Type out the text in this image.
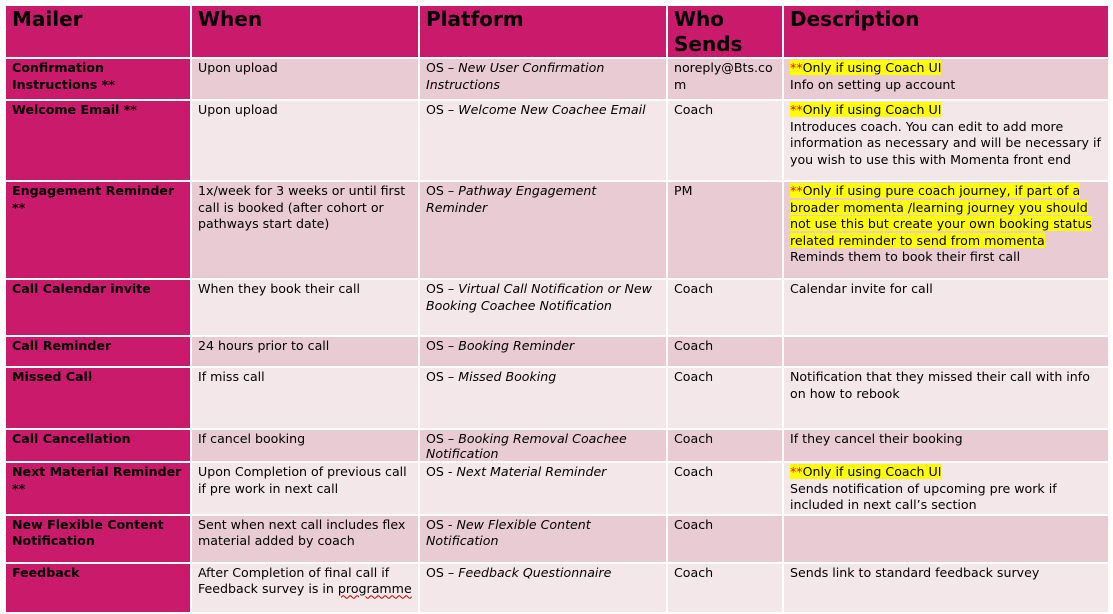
Mailer	When	Platform	Who Sends	Description
Confirmation Instructions **	Upon upload	OS – New User Confirmation Instructions	noreply@Bts.com	**Only if using Coach UI
Info on setting up account

Welcome Email **	Upon upload	OS – Welcome New Coachee Email	Coach	**Only if using Coach UI
Introduces coach. You can edit to add more information as necessary and will be necessary if you wish to use this with Momenta front end

Engagement Reminder **	1x/week for 3 weeks or until first call is booked (after cohort or pathways start date)	OS – Pathway Engagement Reminder	PM	**Only if using pure coach journey, if part of a broader momenta /learning journey you should not use this but create your own booking status related reminder to send from momenta
Reminds them to book their first call

Call Calendar invite	When they book their call	OS – Virtual Call Notification or New Booking Coachee Notification	Coach	Calendar invite for call
Call Reminder	24 hours prior to call	OS – Booking Reminder	Coach	
Missed Call	If miss call	OS – Missed Booking	Coach	Notification that they missed their call with info on how to rebook
Call Cancellation	If cancel booking	OS – Booking Removal Coachee Notification	Coach	If they cancel their booking
Next Material Reminder **	Upon Completion of previous call if pre work in next call	OS - Next Material Reminder	Coach	**Only if using Coach UI
Sends notification of upcoming pre work if included in next call’s section

New Flexible Content Notification	Sent when next call includes flex material added by coach	OS - New Flexible Content Notification	Coach	
Feedback	After Completion of final call if Feedback survey is in programme	OS – Feedback Questionnaire	Coach	Sends link to standard feedback survey
